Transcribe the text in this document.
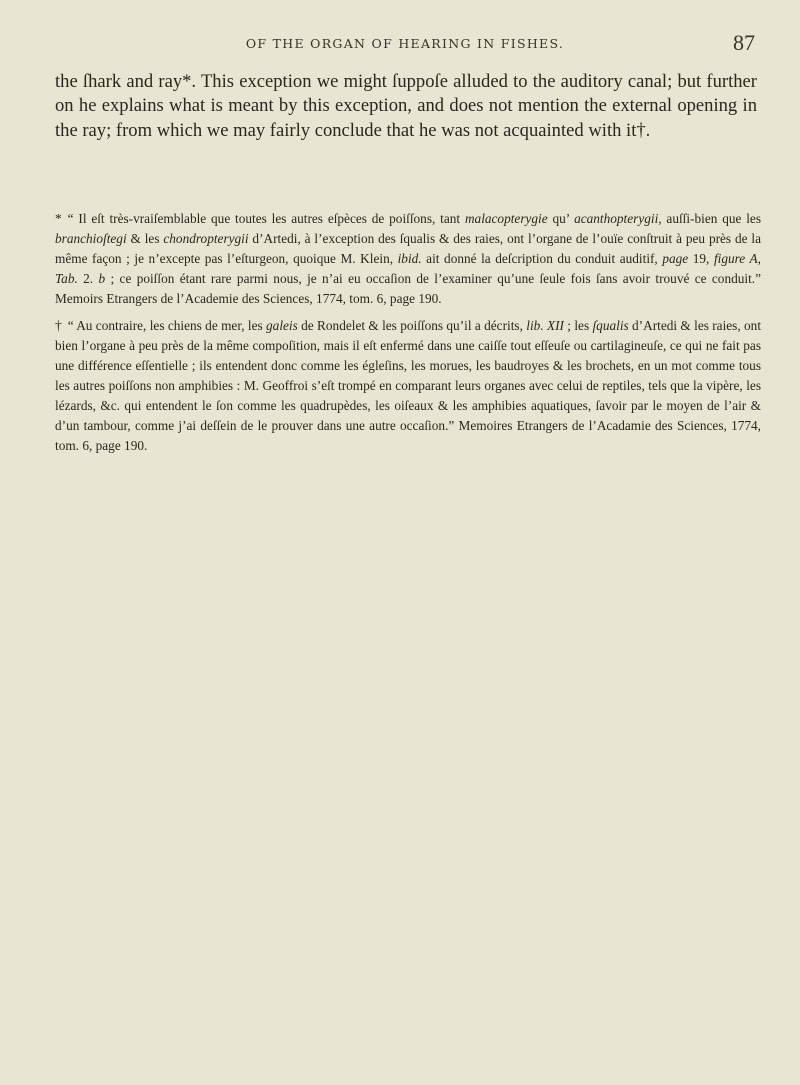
OF THE ORGAN OF HEARING IN FISHES.	87

the ſhark and ray*. This exception we might ſuppoſe alluded to the auditory canal; but further on he explains what is meant by this exception, and does not mention the external opening in the ray; from which we may fairly conclude that he was not acquainted with it†.

* “ Il eſt très-vraiſemblable que toutes les autres eſpèces de poiſſons, tant malacopterygie qu’ acanthopterygii, auſſi-bien que les branchioſtegi & les chondropterygii d’Artedi, à l’exception des ſqualis & des raies, ont l’organe de l’ouïe conſtruit à peu près de la même façon ; je n’excepte pas l’eſturgeon, quoique M. Klein, ibid. ait donné la deſcription du conduit auditif, page 19, figure A, Tab. 2. b ; ce poiſſon étant rare parmi nous, je n’ai eu occaſion de l’examiner qu’une ſeule fois ſans avoir trouvé ce conduit.” Memoirs Etrangers de l’Academie des Sciences, 1774, tom. 6, page 190.

† “ Au contraire, les chiens de mer, les galeis de Rondelet & les poiſſons qu’il a décrits, lib. XII ; les ſqualis d’Artedi & les raies, ont bien l’organe à peu près de la même compoſition, mais il eſt enfermé dans une caiſſe tout eſſeuſe ou cartilagineuſe, ce qui ne fait pas une différence eſſentielle ; ils entendent donc comme les égleſins, les morues, les baudroyes & les brochets, en un mot comme tous les autres poiſſons non amphibies : M. Geoffroi s’eſt trompé en comparant leurs organes avec celui de reptiles, tels que la vipère, les lézards, &c. qui entendent le ſon comme les quadrupèdes, les oiſeaux & les amphibies aquatiques, ſavoir par le moyen de l’air & d’un tambour, comme j’ai deſſein de le prouver dans une autre occaſion.” Memoires Etrangers de l’Acadamie des Sciences, 1774, tom. 6, page 190.
